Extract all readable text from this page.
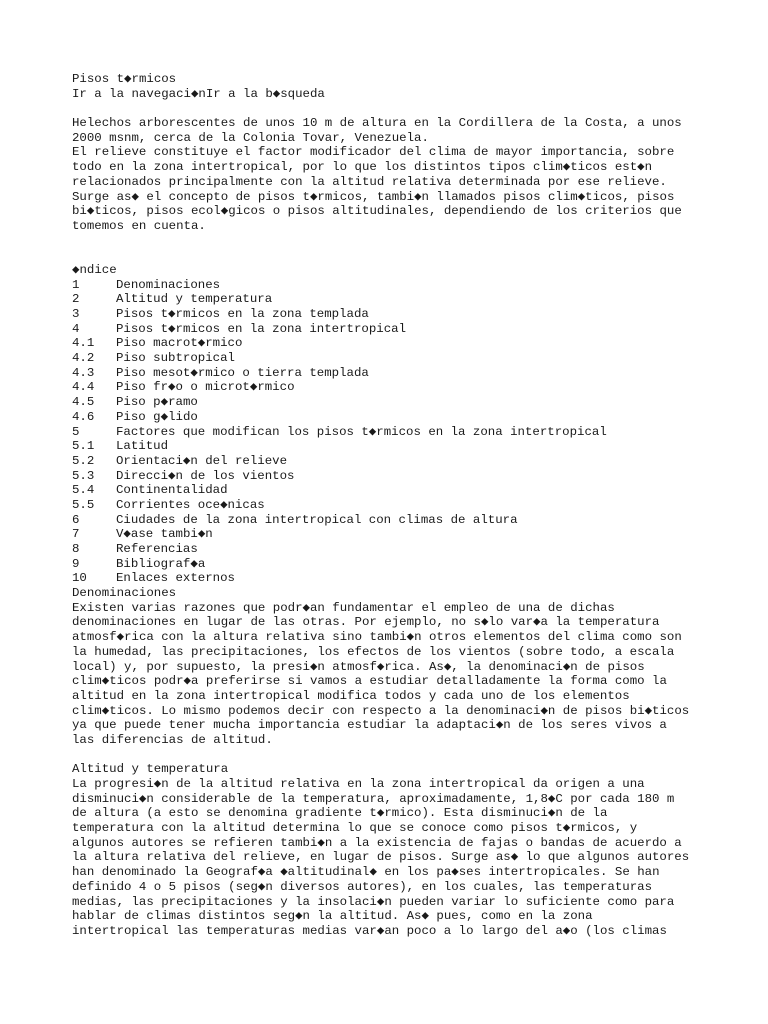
Pisos t◆rmicos
Ir a la navegaci◆nIr a la b◆squeda
Helechos arborescentes de unos 10 m de altura en la Cordillera de la Costa, a unos
2000 msnm, cerca de la Colonia Tovar, Venezuela.
El relieve constituye el factor modificador del clima de mayor importancia, sobre
todo en la zona intertropical, por lo que los distintos tipos clim◆ticos est◆n
relacionados principalmente con la altitud relativa determinada por ese relieve.
Surge as◆ el concepto de pisos t◆rmicos, tambi◆n llamados pisos clim◆ticos, pisos
bi◆ticos, pisos ecol◆gicos o pisos altitudinales, dependiendo de los criterios que
tomemos en cuenta.
◆ndice
1	Denominaciones
2	Altitud y temperatura
3	Pisos t◆rmicos en la zona templada
4	Pisos t◆rmicos en la zona intertropical
4.1	Piso macrot◆rmico
4.2	Piso subtropical
4.3	Piso mesot◆rmico o tierra templada
4.4	Piso fr◆o o microt◆rmico
4.5	Piso p◆ramo
4.6	Piso g◆lido
5	Factores que modifican los pisos t◆rmicos en la zona intertropical
5.1	Latitud
5.2	Orientaci◆n del relieve
5.3	Direcci◆n de los vientos
5.4	Continentalidad
5.5	Corrientes oce◆nicas
6	Ciudades de la zona intertropical con climas de altura
7	V◆ase tambi◆n
8	Referencias
9	Bibliograf◆a
10	Enlaces externos
Denominaciones
Existen varias razones que podr◆an fundamentar el empleo de una de dichas
denominaciones en lugar de las otras. Por ejemplo, no s◆lo var◆a la temperatura
atmosf◆rica con la altura relativa sino tambi◆n otros elementos del clima como son
la humedad, las precipitaciones, los efectos de los vientos (sobre todo, a escala
local) y, por supuesto, la presi◆n atmosf◆rica. As◆, la denominaci◆n de pisos
clim◆ticos podr◆a preferirse si vamos a estudiar detalladamente la forma como la
altitud en la zona intertropical modifica todos y cada uno de los elementos
clim◆ticos. Lo mismo podemos decir con respecto a la denominaci◆n de pisos bi◆ticos
ya que puede tener mucha importancia estudiar la adaptaci◆n de los seres vivos a
las diferencias de altitud.
Altitud y temperatura
La progresi◆n de la altitud relativa en la zona intertropical da origen a una
disminuci◆n considerable de la temperatura, aproximadamente, 1,8◆C por cada 180 m
de altura (a esto se denomina gradiente t◆rmico). Esta disminuci◆n de la
temperatura con la altitud determina lo que se conoce como pisos t◆rmicos, y
algunos autores se refieren tambi◆n a la existencia de fajas o bandas de acuerdo a
la altura relativa del relieve, en lugar de pisos. Surge as◆ lo que algunos autores
han denominado la Geograf◆a ◆altitudinal◆ en los pa◆ses intertropicales. Se han
definido 4 o 5 pisos (seg◆n diversos autores), en los cuales, las temperaturas
medias, las precipitaciones y la insolaci◆n pueden variar lo suficiente como para
hablar de climas distintos seg◆n la altitud. As◆ pues, como en la zona
intertropical las temperaturas medias var◆an poco a lo largo del a◆o (los climas
